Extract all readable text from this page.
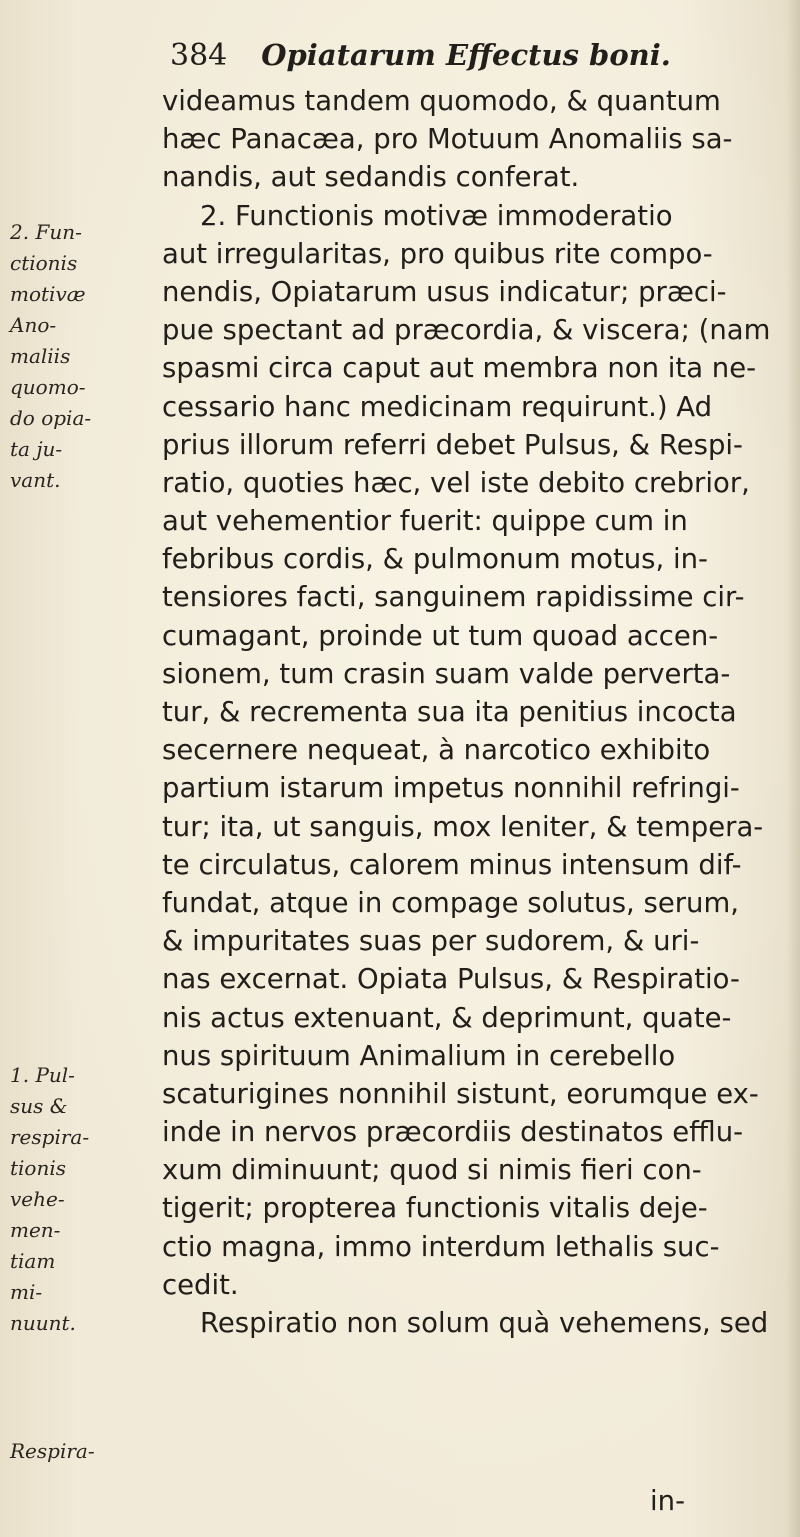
384 Opiatarum Effectus boni.
videamus tandem quomodo, & quantum
hæc Panacæa, pro Motuum Anomaliis sa-
nandis, aut sedandis conferat.
2. Functionis motivæ immoderatio
aut irregularitas, pro quibus rite compo-
nendis, Opiatarum usus indicatur; præci-
pue spectant ad præcordia, & viscera; (nam
spasmi circa caput aut membra non ita ne-
cessario hanc medicinam requirunt.) Ad
prius illorum referri debet Pulsus, & Respi-
ratio, quoties hæc, vel iste debito crebrior,
aut vehementior fuerit: quippe cum in
febribus cordis, & pulmonum motus, in-
tensiores facti, sanguinem rapidissime cir-
cumagant, proinde ut tum quoad accen-
sionem, tum crasin suam valde perverta-
tur, & recrementa sua ita penitius incocta
secernere nequeat, à narcotico exhibito
partium istarum impetus nonnihil refringi-
tur; ita, ut sanguis, mox leniter, & tempera-
te circulatus, calorem minus intensum dif-
fundat, atque in compage solutus, serum,
& impuritates suas per sudorem, & uri-
nas excernat. Opiata Pulsus, & Respiratio-
nis actus extenuant, & deprimunt, quate-
nus spirituum Animalium in cerebello
scaturigines nonnihil sistunt, eorumque ex-
inde in nervos præcordiis destinatos efflu-
xum diminuunt; quod si nimis fieri con-
tigerit; propterea functionis vitalis deje-
ctio magna, immo interdum lethalis suc-
cedit.
Respiratio non solum quà vehemens, sed
in-
2. Fun-
ctionis
motivæ
Ano-
maliis
quomo-
do opia-
ta ju-
vant.
1. Pul-
sus &
respira-
tionis
vehe-
men-
tiam
mi-
nuunt.
Respira-
